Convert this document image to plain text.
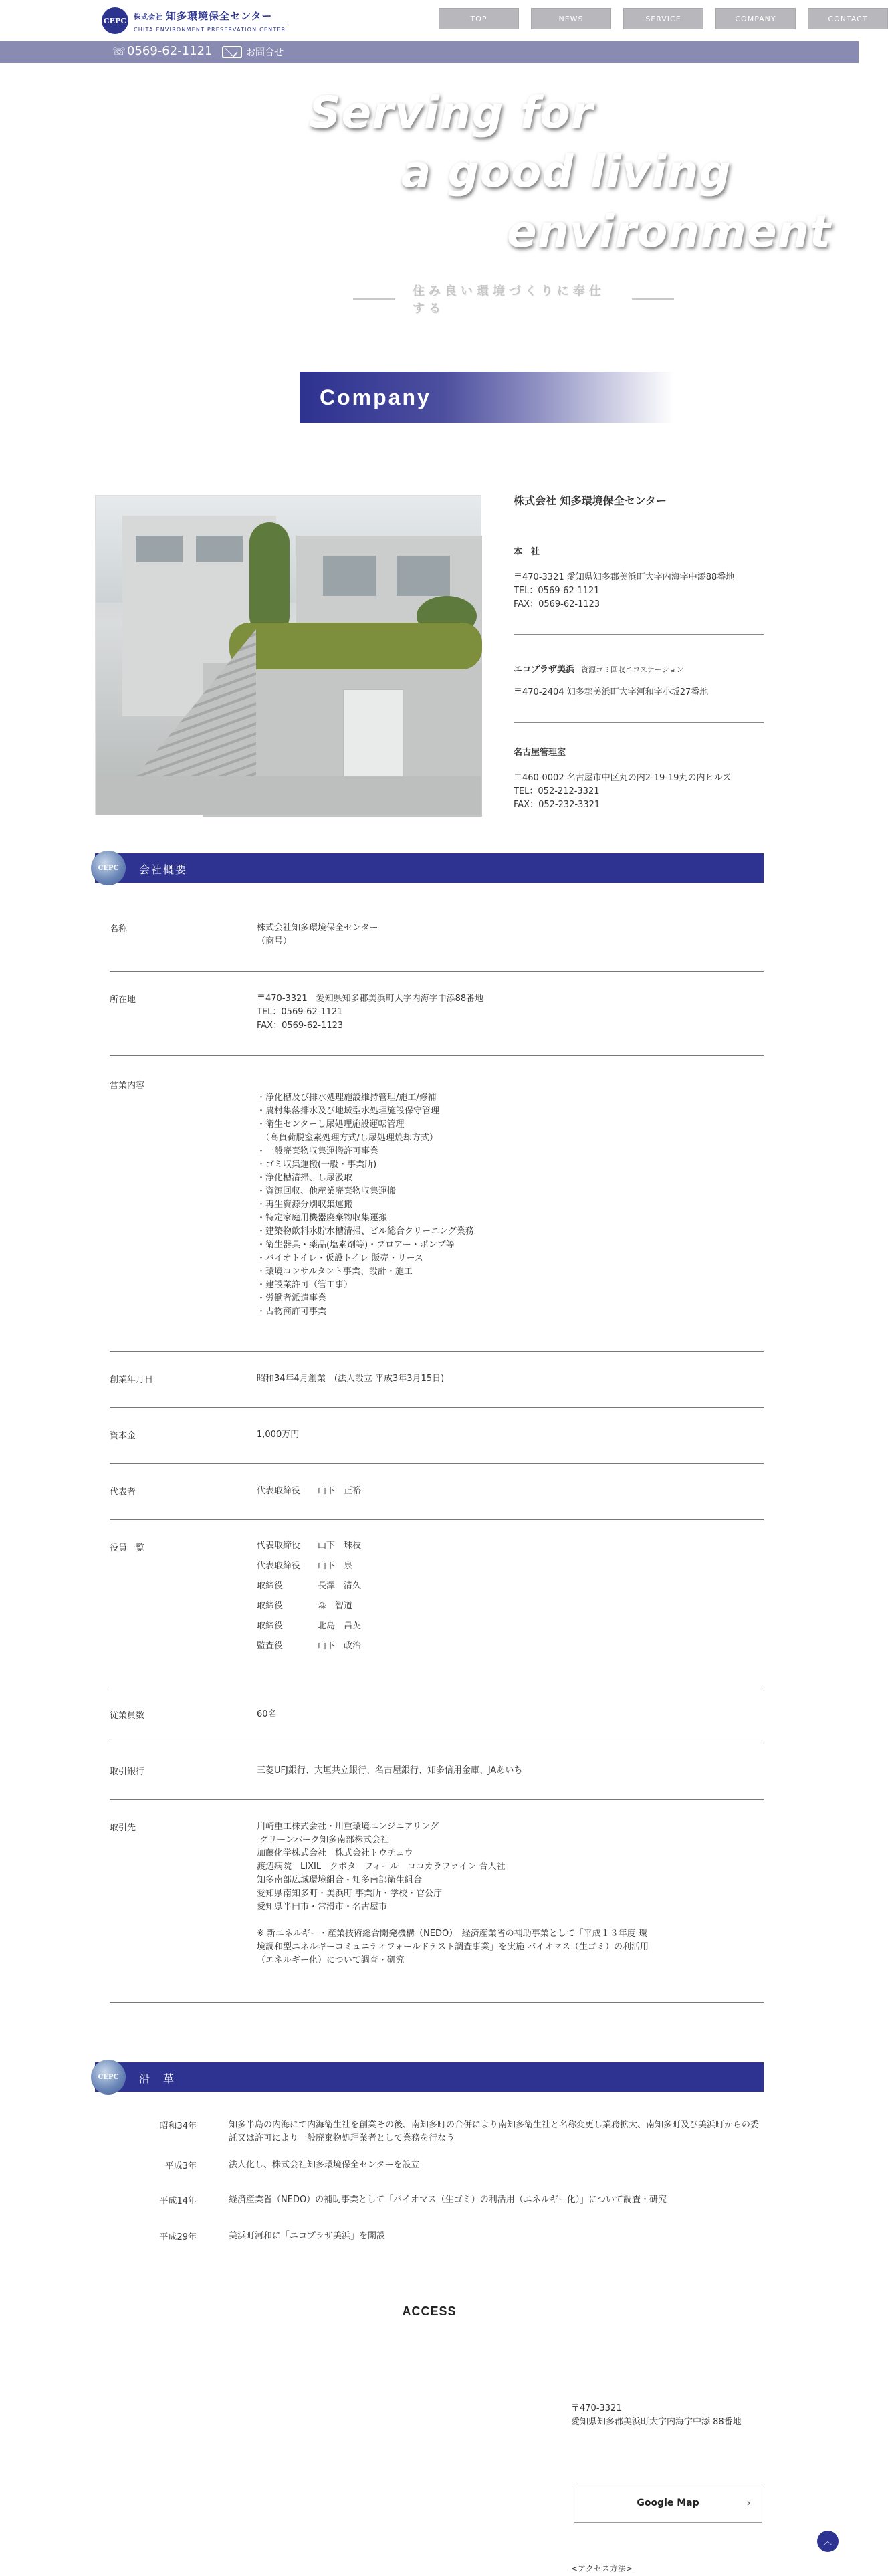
CEPC 株式会社 知多環境保全センター
CHITA ENVIRONMENT PRESERVATION CENTER
TOP	NEWS	SERVICE	COMPANY	CONTACT
☏ 0569-62-1121	お問合せ
Serving for
a good living
environment
住み良い環境づくりに奉仕する
Company
株式会社 知多環境保全センター
本　社
〒470-3321 愛知県知多郡美浜町大字内海字中添88番地
TEL：0569-62-1121
FAX：0569-62-1123
エコプラザ美浜 資源ゴミ回収エコステーション
〒470-2404 知多郡美浜町大字河和字小坂27番地
名古屋管理室
〒460-0002 名古屋市中区丸の内2-19-19丸の内ヒルズ
TEL：052-212-3321
FAX：052-232-3321
CEPC 会社概要
名称	株式会社知多環境保全センター
（商号）
所在地	〒470-3321　愛知県知多郡美浜町大字内海字中添88番地
TEL：0569-62-1121
FAX：0569-62-1123
営業内容

・浄化槽及び排水処理施設維持管理/施工/修補
・農村集落排水及び地域型水処理施設保守管理
・衛生センターし尿処理施設運転管理
　（高負荷脱窒素処理方式/し尿処理焼却方式）
・一般廃棄物収集運搬許可事業
・ゴミ収集運搬(一般・事業所)
・浄化槽清掃、し尿汲取
・資源回収、他産業廃棄物収集運搬
・再生資源分別収集運搬
・特定家庭用機器廃棄物収集運搬
・建築物飲料水貯水槽清掃、ビル総合クリーニング業務
・衛生器具・薬品(塩素剤等)・ブロアー・ポンプ等
・バイオトイレ・仮設トイレ 販売・リース
・環境コンサルタント事業、設計・施工
・建設業許可（管工事）
・労働者派遣事業
・古物商許可事業
創業年月日	昭和34年4月創業　(法人設立 平成3年3月15日)
資本金	1,000万円
代表者	代表取締役　　山下　正裕
役員一覧	代表取締役　　山下　珠枝

代表取締役　　山下　泉

取締役　　　　長澤　清久

取締役　　　　森　智道

取締役　　　　北島　昌英

監査役　　　　山下　政治
従業員数	60名
取引銀行	三菱UFJ銀行、大垣共立銀行、名古屋銀行、知多信用金庫、JAあいち
取引先	川崎重工株式会社・川重環境エンジニアリング
グリーンパーク知多南部株式会社
加藤化学株式会社　株式会社トウチュウ
渡辺病院　LIXIL　クボタ　フィール　ココカラファイン 合人社
知多南部広域環境組合・知多南部衛生組合
愛知県南知多町・美浜町 事業所・学校・官公庁
愛知県半田市・常滑市・名古屋市

※ 新エネルギー・産業技術総合開発機構（NEDO）　経済産業省の補助事業として「平成１３年度 環
境調和型エネルギーコミュニティフォールドテスト調査事業」を実施 バイオマス（生ゴミ）の利活用
（エネルギー化）について調査・研究
CEPC 沿　革
昭和34年	知多半島の内海にて内海衛生社を創業その後、南知多町の合併により南知多衛生社と名称変更し業務拡大、南知多町及び美浜町からの委託又は許可により一般廃棄物処理業者として業務を行なう
平成3年	法人化し、株式会社知多環境保全センターを設立
平成14年	経済産業省（NEDO）の補助事業として「バイオマス（生ゴミ）の利活用（エネルギー化）」について調査・研究
平成29年	美浜町河和に「エコプラザ美浜」を開設
ACCESS
〒470-3321
愛知県知多郡美浜町大字内海字中添 88番地
Google Map	›
︿
<アクセス方法>
